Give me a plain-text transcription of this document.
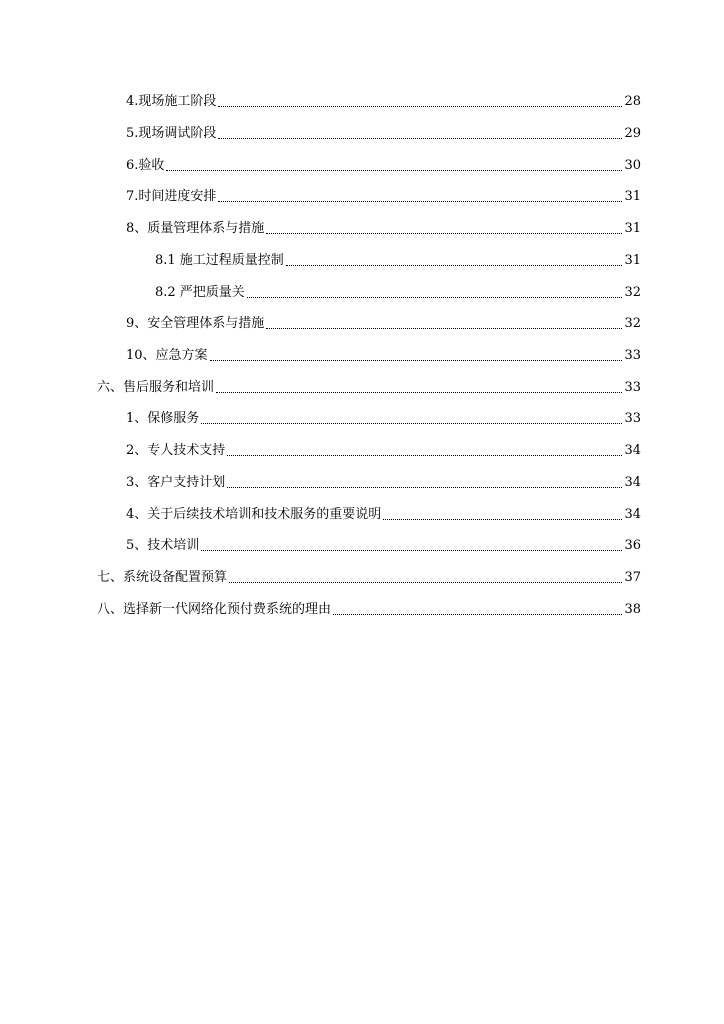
4.现场施工阶段	28
5.现场调试阶段	29
6.验收	30
7.时间进度安排	31
8、质量管理体系与措施	31
8.1 施工过程质量控制	31
8.2 严把质量关	32
9、安全管理体系与措施	32
10、应急方案	33
六、售后服务和培训	33
1、保修服务	33
2、专人技术支持	34
3、客户支持计划	34
4、关于后续技术培训和技术服务的重要说明	34
5、技术培训	36
七、系统设备配置预算	37
八、选择新一代网络化预付费系统的理由	38
